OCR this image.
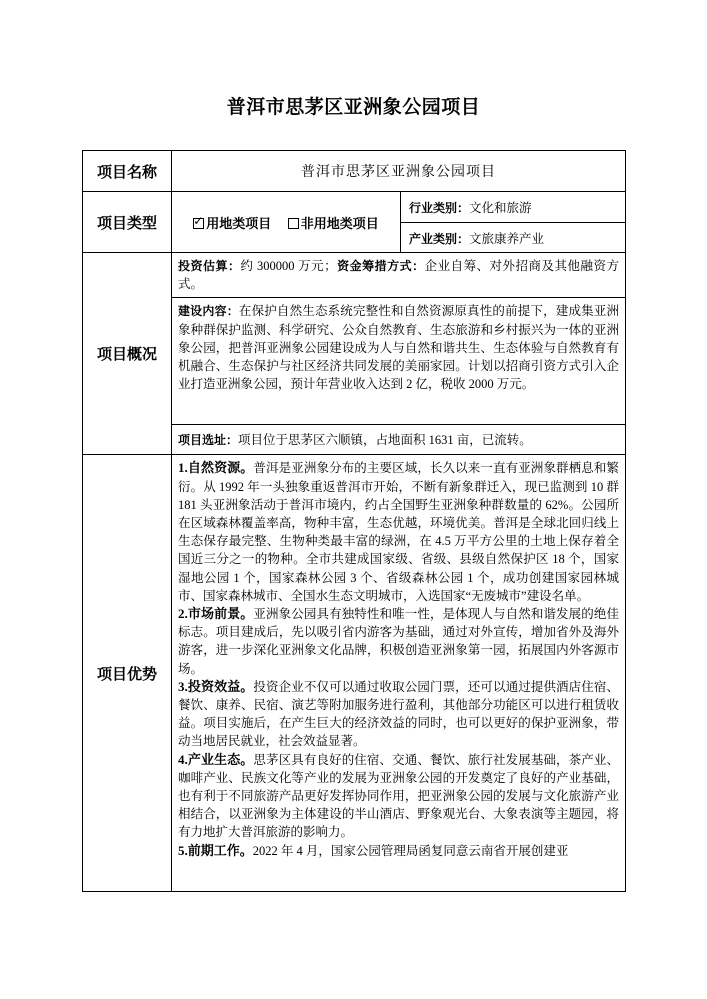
普洱市思茅区亚洲象公园项目
项目名称	普洱市思茅区亚洲象公园项目	
项目类型	✓ 用地类项目 非用地类项目	行业类别：文化和旅游
		产业类别：文旅康养产业
项目概况	投资估算：约 300000 万元；资金筹措方式：企业自筹、对外招商及其他融资方式。	
	建设内容：在保护自然生态系统完整性和自然资源原真性的前提下，建成集亚洲象种群保护监测、科学研究、公众自然教育、生态旅游和乡村振兴为一体的亚洲象公园，把普洱亚洲象公园建设成为人与自然和谐共生、生态体验与自然教育有机融合、生态保护与社区经济共同发展的美丽家园。计划以招商引资方式引入企业打造亚洲象公园，预计年营业收入达到 2 亿，税收 2000 万元。	
	项目选址：项目位于思茅区六顺镇，占地面积 1631 亩，已流转。	
项目优势	1.自然资源。普洱是亚洲象分布的主要区域，长久以来一直有亚洲象群栖息和繁衍。从 1992 年一头独象重返普洱市开始，不断有新象群迁入，现已监测到 10 群 181 头亚洲象活动于普洱市境内，约占全国野生亚洲象种群数量的 62%。公园所在区域森林覆盖率高，物种丰富，生态优越，环境优美。普洱是全球北回归线上生态保存最完整、生物种类最丰富的绿洲，在 4.5 万平方公里的土地上保存着全国近三分之一的物种。全市共建成国家级、省级、县级自然保护区 18 个，国家湿地公园 1 个，国家森林公园 3 个、省级森林公园 1 个，成功创建国家园林城市、国家森林城市、全国水生态文明城市，入选国家“无废城市”建设名单。

2.市场前景。亚洲象公园具有独特性和唯一性，是体现人与自然和谐发展的绝佳标志。项目建成后，先以吸引省内游客为基础，通过对外宣传，增加省外及海外游客，进一步深化亚洲象文化品牌，积极创造亚洲象第一园，拓展国内外客源市场。

3.投资效益。投资企业不仅可以通过收取公园门票，还可以通过提供酒店住宿、餐饮、康养、民宿、演艺等附加服务进行盈利，其他部分功能区可以进行租赁收益。项目实施后，在产生巨大的经济效益的同时，也可以更好的保护亚洲象，带动当地居民就业，社会效益显著。

4.产业生态。思茅区具有良好的住宿、交通、餐饮、旅行社发展基础，茶产业、咖啡产业、民族文化等产业的发展为亚洲象公园的开发奠定了良好的产业基础，也有利于不同旅游产品更好发挥协同作用，把亚洲象公园的发展与文化旅游产业相结合，以亚洲象为主体建设的半山酒店、野象观光台、大象表演等主题园，将有力地扩大普洱旅游的影响力。

5.前期工作。2022 年 4 月，国家公园管理局函复同意云南省开展创建亚	
